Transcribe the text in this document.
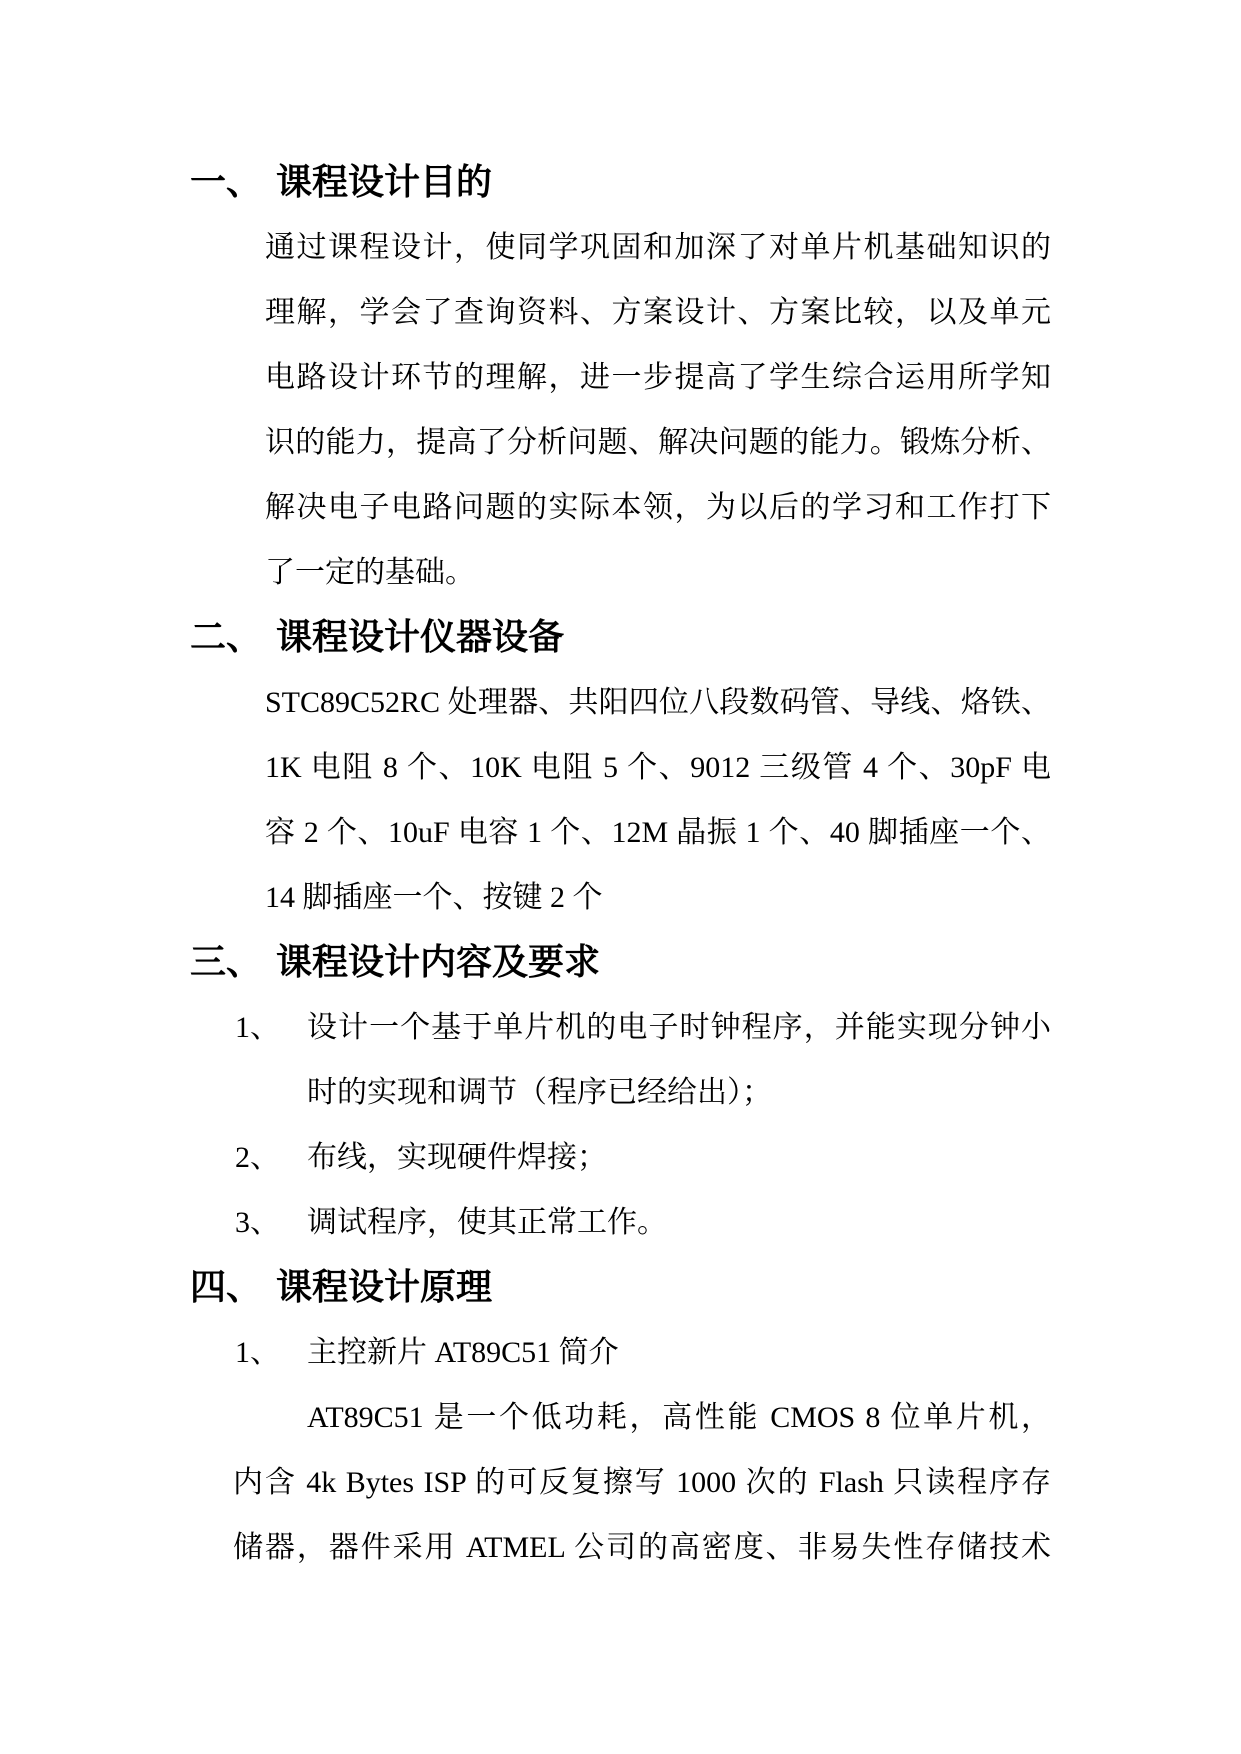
一、 课程设计目的
通过课程设计，使同学巩固和加深了对单片机基础知识的
理解，学会了查询资料、方案设计、方案比较，以及单元
电路设计环节的理解，进一步提高了学生综合运用所学知
识的能力，提高了分析问题、解决问题的能力。锻炼分析、
解决电子电路问题的实际本领，为以后的学习和工作打下
了一定的基础。
二、 课程设计仪器设备
STC89C52RC 处理器、共阳四位八段数码管、导线、烙铁、
1K 电阻 8 个、10K 电阻 5 个、9012 三级管 4 个、30pF 电
容 2 个、10uF 电容 1 个、12M 晶振 1 个、40 脚插座一个、
14 脚插座一个、按键 2 个
三、 课程设计内容及要求
1、 设计一个基于单片机的电子时钟程序，并能实现分钟小
时的实现和调节（程序已经给出）；
2、 布线，实现硬件焊接；
3、 调试程序，使其正常工作。
四、 课程设计原理
1、 主控新片 AT89C51 简介
AT89C51 是一个低功耗，高性能 CMOS 8 位单片机，
内含 4k Bytes ISP 的可反复擦写 1000 次的 Flash 只读程序存
储器，器件采用 ATMEL 公司的高密度、非易失性存储技术
